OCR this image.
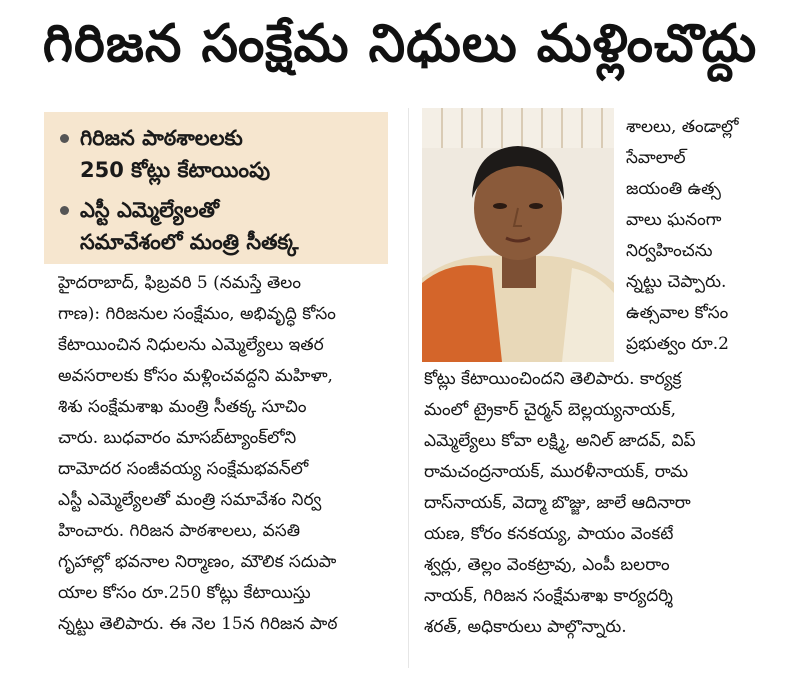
గిరిజన సంక్షేమ నిధులు మళ్లించొద్దు
గిరిజన పాఠశాలలకు
250 కోట్లు కేటాయింపు
ఎస్టీ ఎమ్మెల్యేలతో
సమావేశంలో మంత్రి సీతక్క
హైదరాబాద్, ఫిబ్రవరి 5 (నమస్తే తెలం
గాణ): గిరిజనుల సంక్షేమం, అభివృద్ధి కోసం
కేటాయించిన నిధులను ఎమ్మెల్యేలు ఇతర
అవసరాలకు కోసం మళ్లించవద్దని మహిళా,
శిశు సంక్షేమశాఖ మంత్రి సీతక్క సూచిం
చారు. బుధవారం మాసబ్‌ట్యాంక్‌లోని
దామోదర సంజీవయ్య సంక్షేమభవన్‌లో
ఎస్టీ ఎమ్మెల్యేలతో మంత్రి సమావేశం నిర్వ
హించారు. గిరిజన పాఠశాలలు, వసతి
గృహాల్లో భవనాల నిర్మాణం, మౌలిక సదుపా
యాల కోసం రూ.250 కోట్లు కేటాయిస్తు
న్నట్టు తెలిపారు. ఈ నెల 15న గిరిజన పాఠ
శాలలు, తండాల్లో
సేవాలాల్
జయంతి ఉత్స
వాలు ఘనంగా
నిర్వహించను
న్నట్టు చెప్పారు.
ఉత్సవాల కోసం
ప్రభుత్వం రూ.2
కోట్లు కేటాయించిందని తెలిపారు. కార్యక్ర
మంలో ట్రైకార్ చైర్మన్ బెల్లయ్యనాయక్,
ఎమ్మెల్యేలు కోవా లక్ష్మి, అనిల్ జాదవ్, విప్
రామచంద్రనాయక్, మురళీనాయక్, రామ
దాస్‌నాయక్, వెద్మా బొజ్జు, జాలే ఆదినారా
యణ, కోరం కనకయ్య, పాయం వెంకటే
శ్వర్లు, తెల్లం వెంకట్రావు, ఎంపీ బలరాం
నాయక్, గిరిజన సంక్షేమశాఖ కార్యదర్శి
శరత్, అధికారులు పాల్గొన్నారు.
